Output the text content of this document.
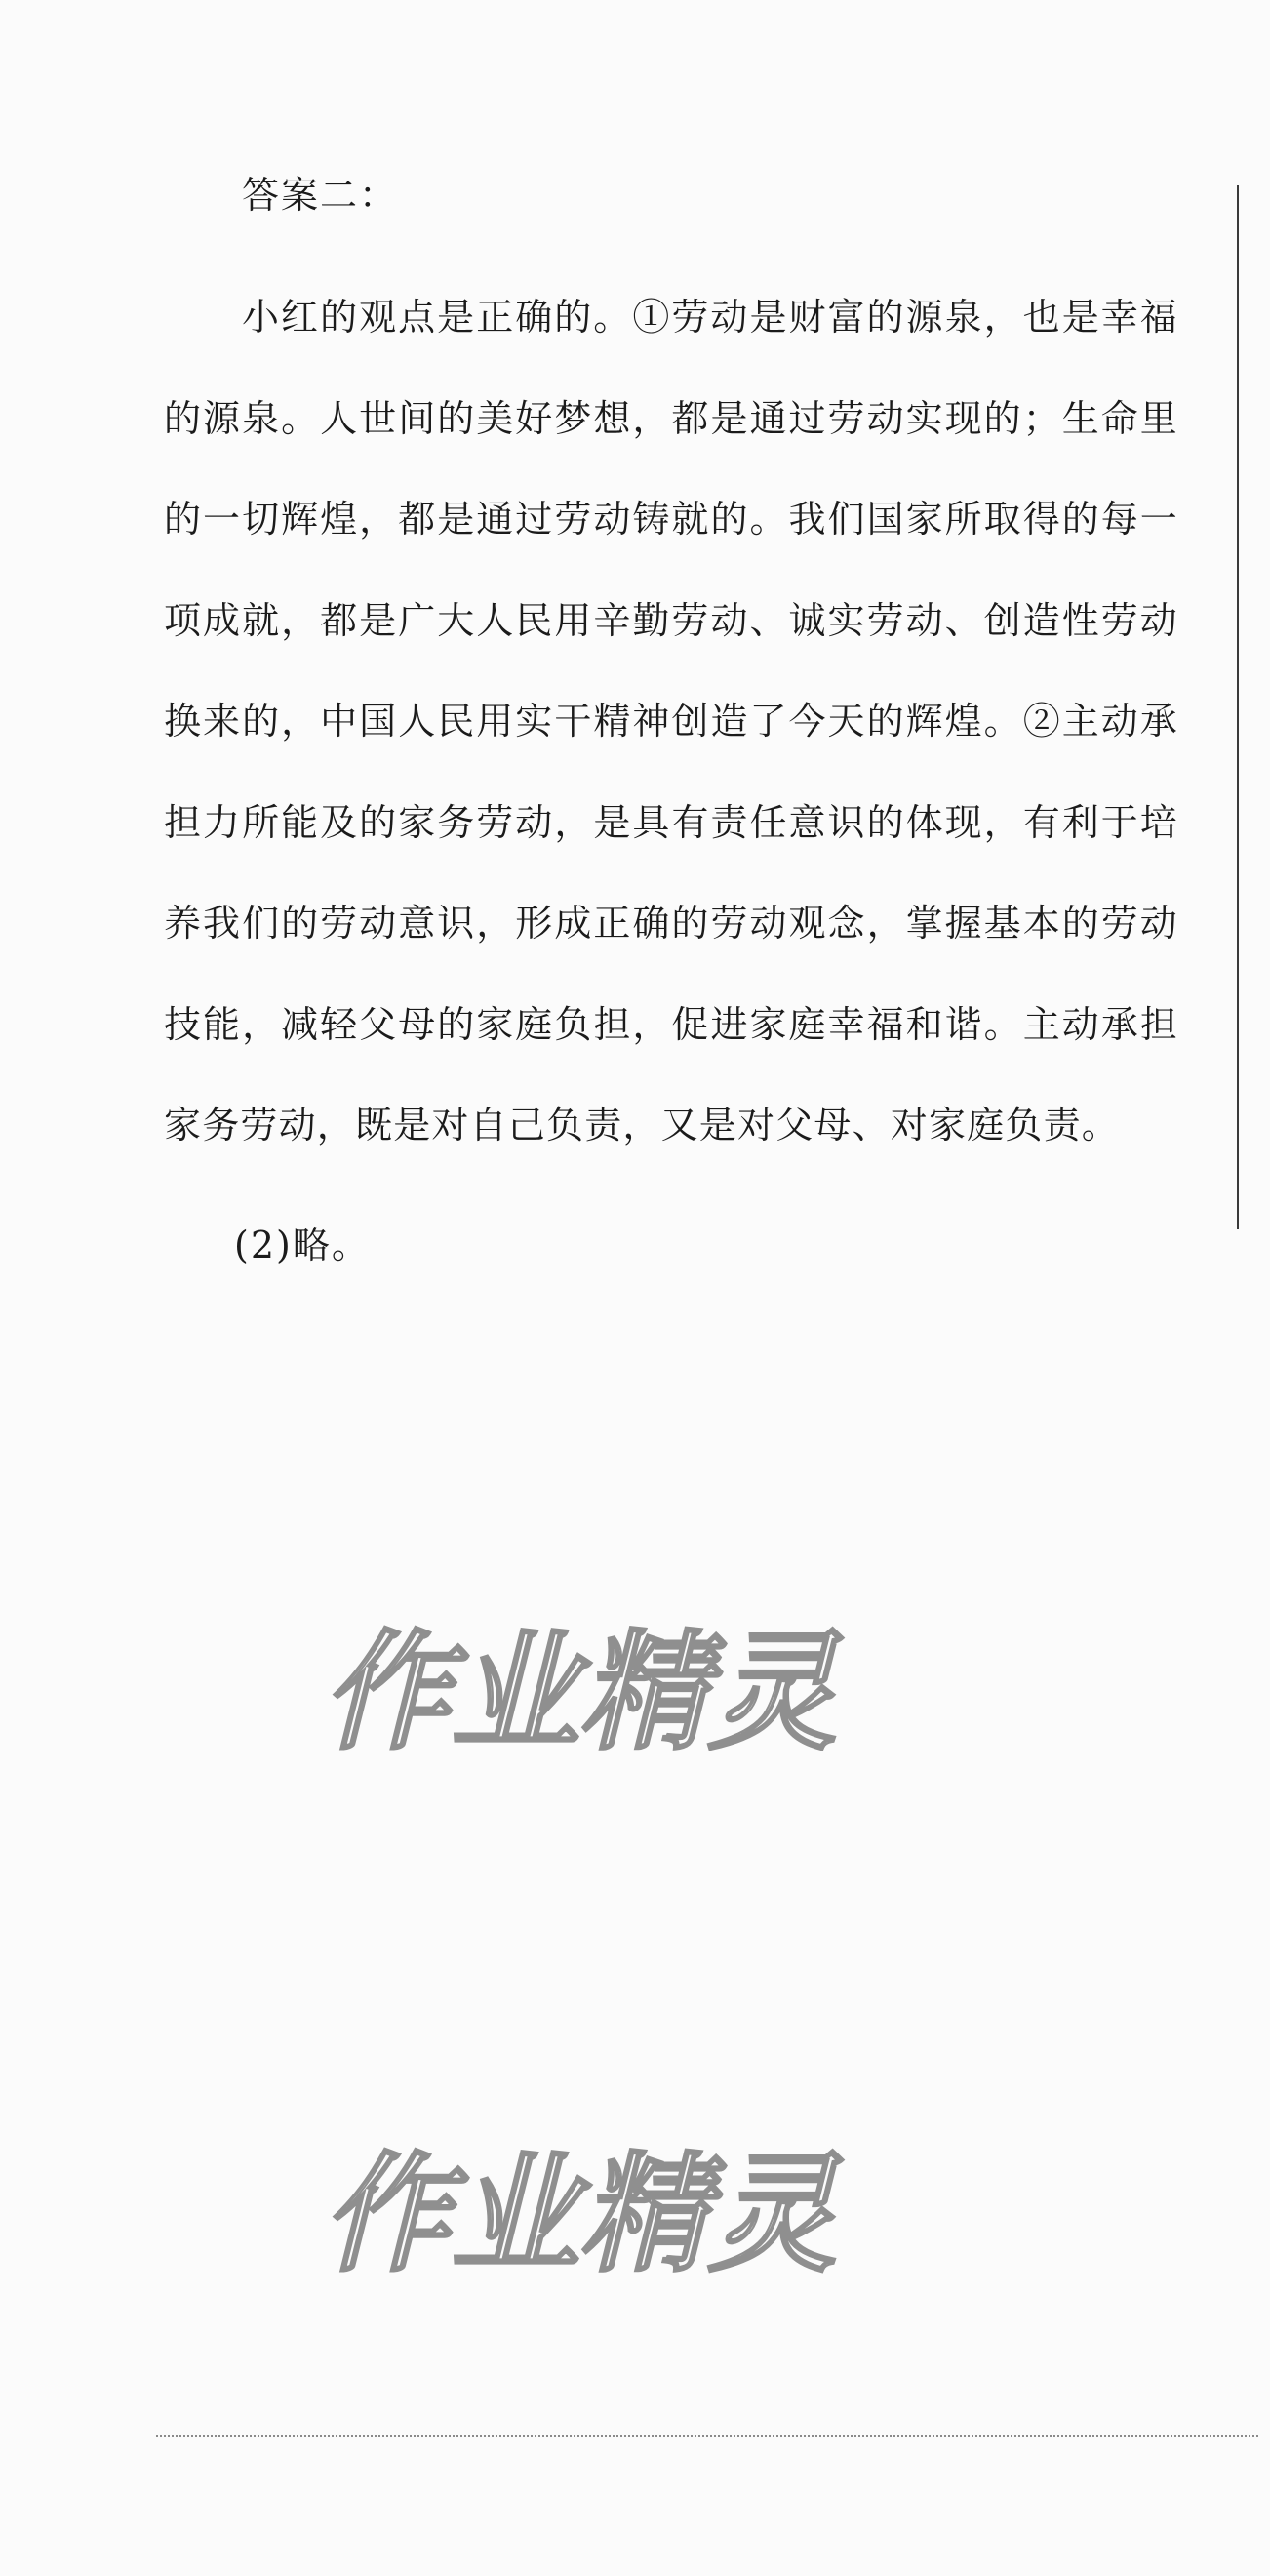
答案二：

小红的观点是正确的。①劳动是财富的源泉，也是幸福的源泉。人世间的美好梦想，都是通过劳动实现的；生命里的一切辉煌，都是通过劳动铸就的。我们国家所取得的每一项成就，都是广大人民用辛勤劳动、诚实劳动、创造性劳动换来的，中国人民用实干精神创造了今天的辉煌。②主动承担力所能及的家务劳动，是具有责任意识的体现，有利于培养我们的劳动意识，形成正确的劳动观念，掌握基本的劳动技能，减轻父母的家庭负担，促进家庭幸福和谐。主动承担家务劳动，既是对自己负责，又是对父母、对家庭负责。

(2)略。

作业精灵
作业精灵
